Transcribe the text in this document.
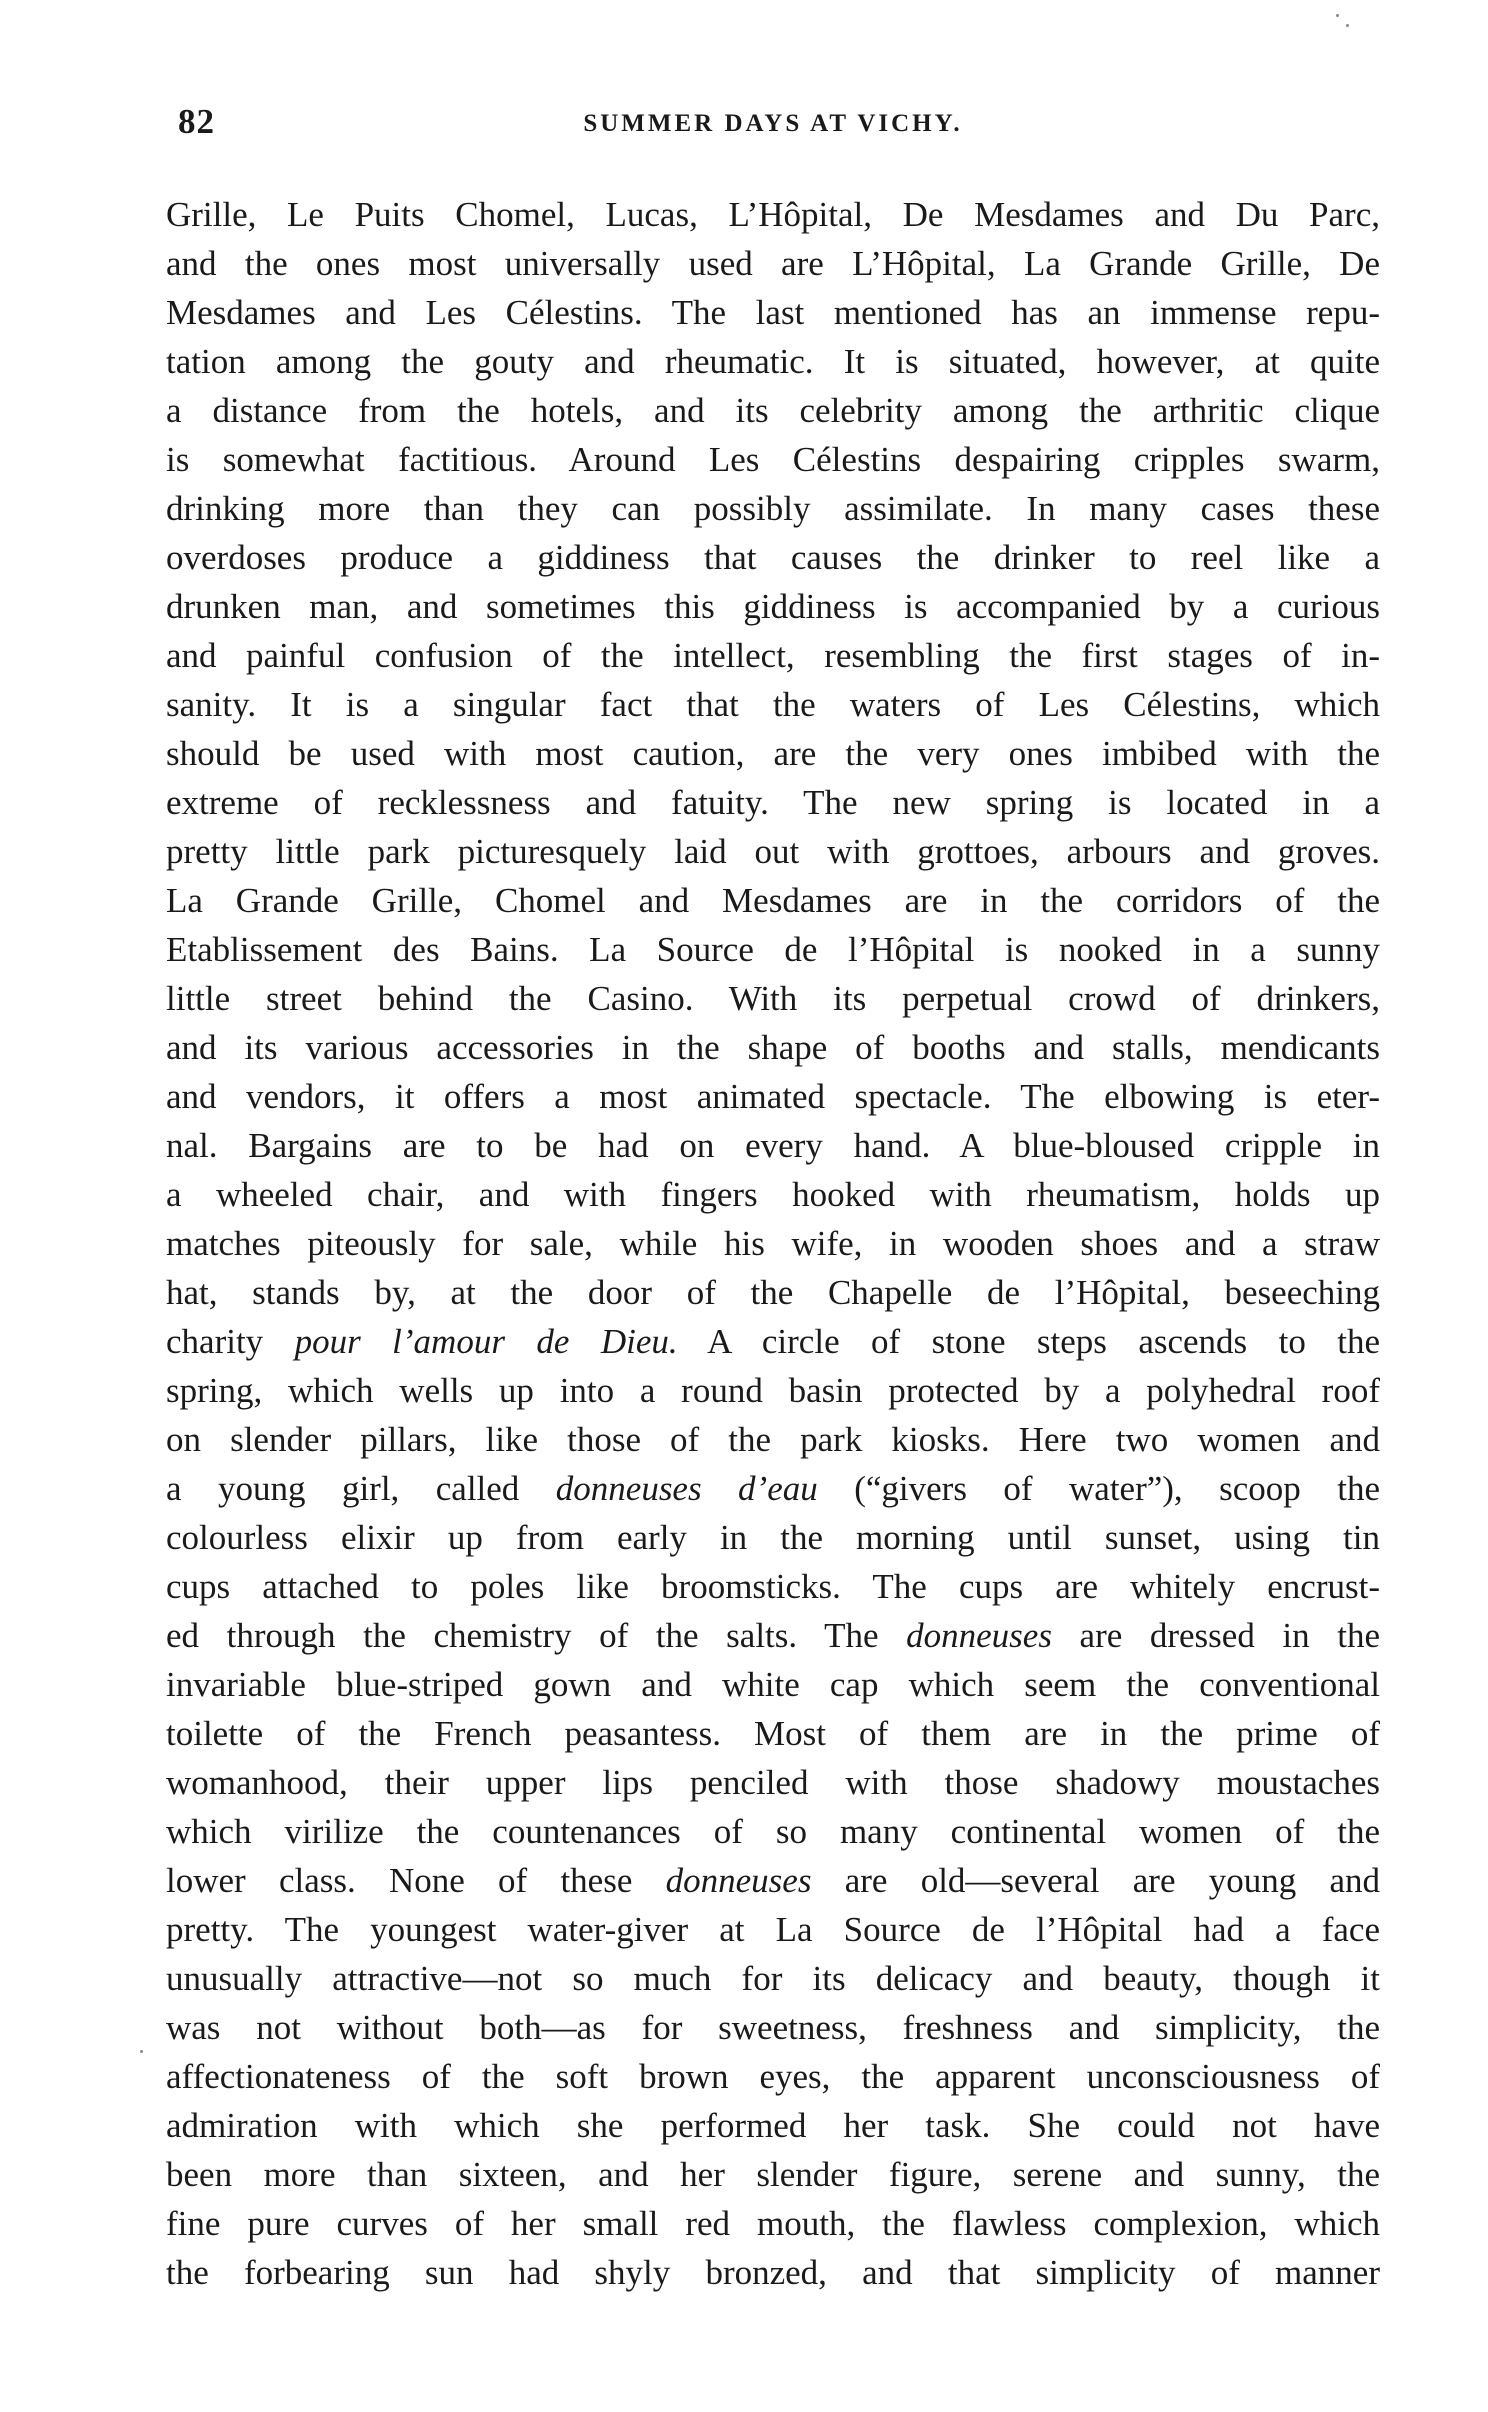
82	SUMMER DAYS AT VICHY.
Grille, Le Puits Chomel, Lucas, L’Hôpital, De Mesdames and Du Parc,
and the ones most universally used are L’Hôpital, La Grande Grille, De
Mesdames and Les Célestins. The last mentioned has an immense repu-
tation among the gouty and rheumatic. It is situated, however, at quite
a distance from the hotels, and its celebrity among the arthritic clique
is somewhat factitious. Around Les Célestins despairing cripples swarm,
drinking more than they can possibly assimilate. In many cases these
overdoses produce a giddiness that causes the drinker to reel like a
drunken man, and sometimes this giddiness is accompanied by a curious
and painful confusion of the intellect, resembling the first stages of in-
sanity. It is a singular fact that the waters of Les Célestins, which
should be used with most caution, are the very ones imbibed with the
extreme of recklessness and fatuity. The new spring is located in a
pretty little park picturesquely laid out with grottoes, arbours and groves.
La Grande Grille, Chomel and Mesdames are in the corridors of the
Etablissement des Bains. La Source de l’Hôpital is nooked in a sunny
little street behind the Casino. With its perpetual crowd of drinkers,
and its various accessories in the shape of booths and stalls, mendicants
and vendors, it offers a most animated spectacle. The elbowing is eter-
nal. Bargains are to be had on every hand. A blue-bloused cripple in
a wheeled chair, and with fingers hooked with rheumatism, holds up
matches piteously for sale, while his wife, in wooden shoes and a straw
hat, stands by, at the door of the Chapelle de l’Hôpital, beseeching
charity pour l’amour de Dieu. A circle of stone steps ascends to the
spring, which wells up into a round basin protected by a polyhedral roof
on slender pillars, like those of the park kiosks. Here two women and
a young girl, called donneuses d’eau (“givers of water”), scoop the
colourless elixir up from early in the morning until sunset, using tin
cups attached to poles like broomsticks. The cups are whitely encrust-
ed through the chemistry of the salts. The donneuses are dressed in the
invariable blue-striped gown and white cap which seem the conventional
toilette of the French peasantess. Most of them are in the prime of
womanhood, their upper lips penciled with those shadowy moustaches
which virilize the countenances of so many continental women of the
lower class. None of these donneuses are old—several are young and
pretty. The youngest water-giver at La Source de l’Hôpital had a face
unusually attractive—not so much for its delicacy and beauty, though it
was not without both—as for sweetness, freshness and simplicity, the
affectionateness of the soft brown eyes, the apparent unconsciousness of
admiration with which she performed her task. She could not have
been more than sixteen, and her slender figure, serene and sunny, the
fine pure curves of her small red mouth, the flawless complexion, which
the forbearing sun had shyly bronzed, and that simplicity of manner
